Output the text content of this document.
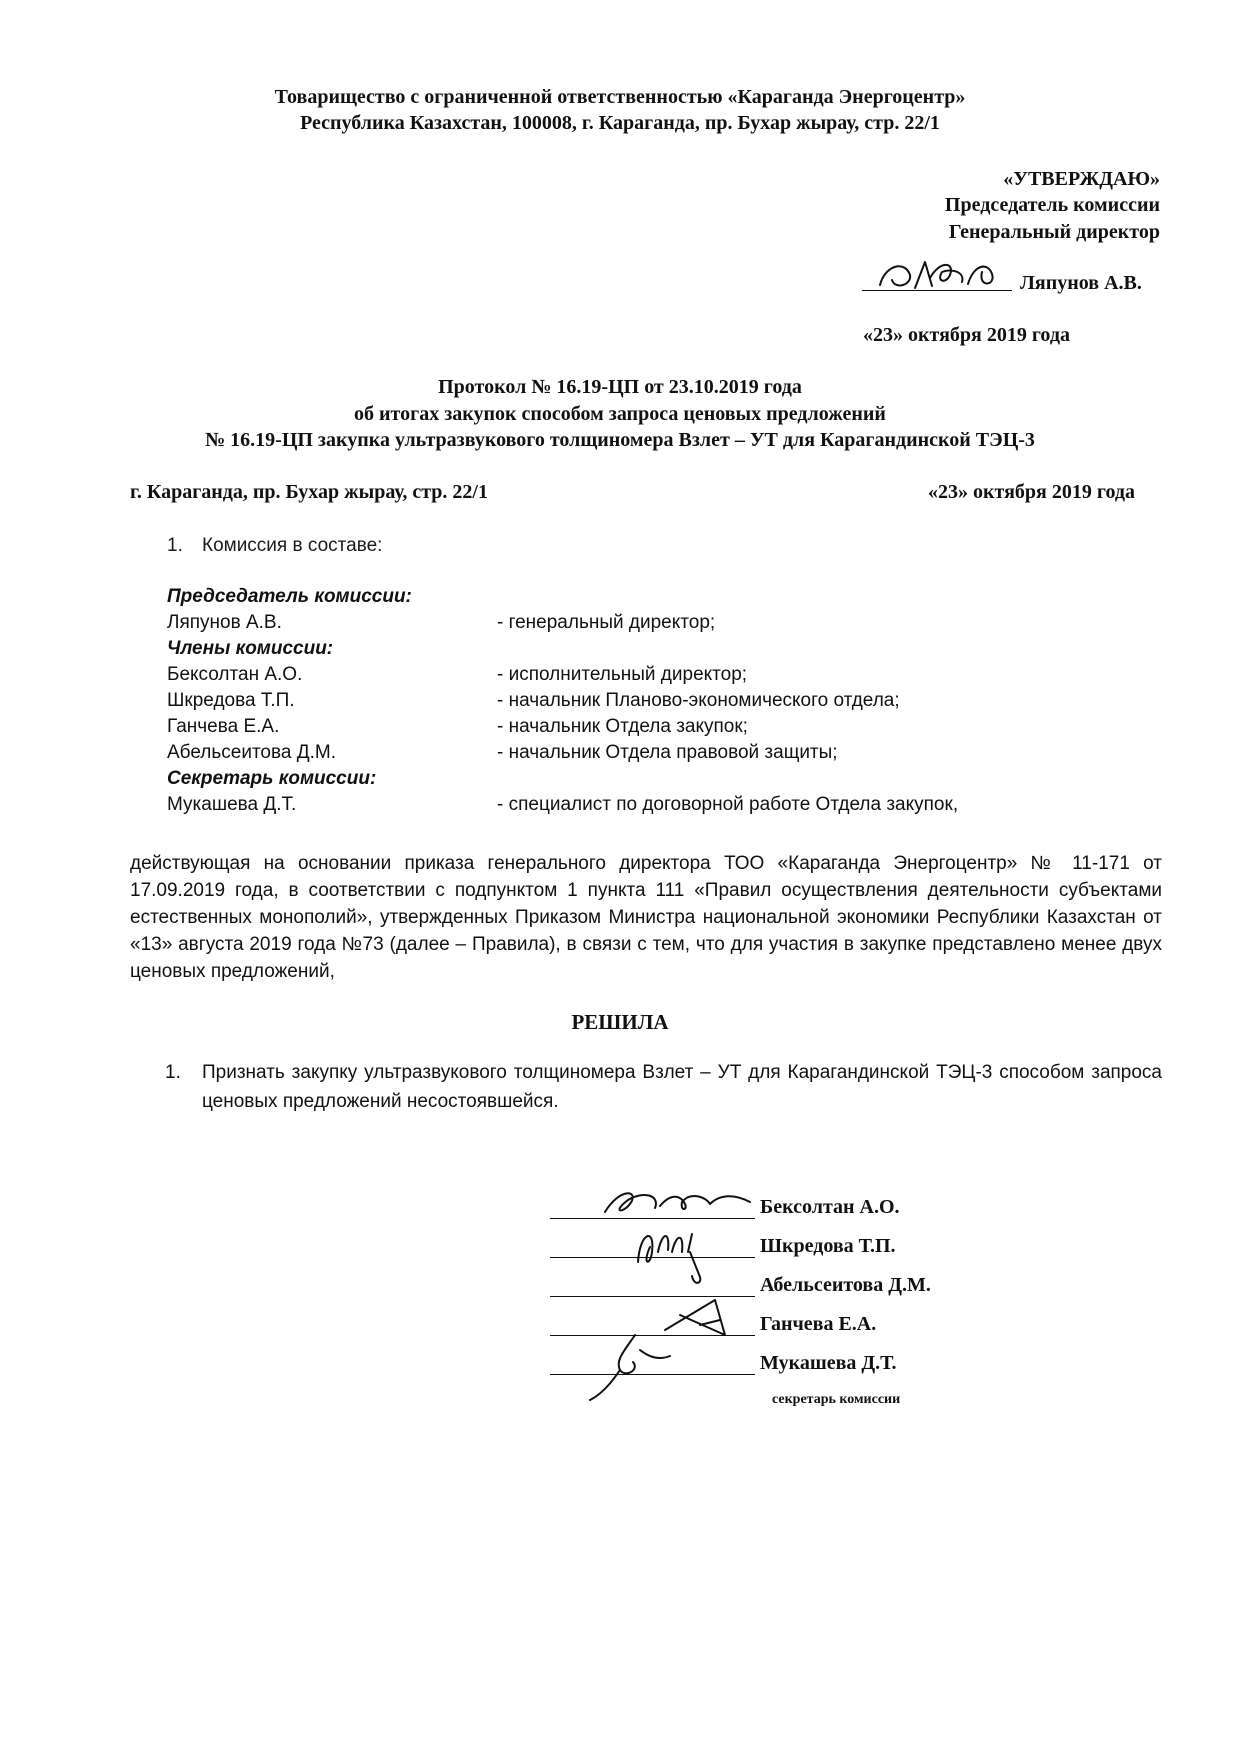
Товарищество с ограниченной ответственностью «Караганда Энергоцентр»
Республика Казахстан, 100008, г. Караганда, пр. Бухар жырау, стр. 22/1
«УТВЕРЖДАЮ»
Председатель комиссии
Генеральный директор
Ляпунов А.В.
«23» октября 2019 года
Протокол № 16.19-ЦП от 23.10.2019 года
об итогах закупок способом запроса ценовых предложений
№ 16.19-ЦП закупка ультразвукового толщиномера Взлет – УТ для Карагандинской ТЭЦ-3
г. Караганда, пр. Бухар жырау, стр. 22/1	«23» октября 2019 года
1. Комиссия в составе:
Председатель комиссии:
Ляпунов А.В.	- генеральный директор;
Члены комиссии:
Бексолтан А.О.	- исполнительный директор;
Шкредова Т.П.	- начальник Планово-экономического отдела;
Ганчева Е.А.	- начальник Отдела закупок;
Абельсеитова Д.М.	- начальник Отдела правовой защиты;
Секретарь комиссии:
Мукашева Д.Т.	- специалист по договорной работе Отдела закупок,
действующая на основании приказа генерального директора ТОО «Караганда Энергоцентр» № 11-171 от 17.09.2019 года, в соответствии с подпунктом 1 пункта 111 «Правил осуществления деятельности субъектами естественных монополий», утвержденных Приказом Министра национальной экономики Республики Казахстан от «13» августа 2019 года №73 (далее – Правила), в связи с тем, что для участия в закупке представлено менее двух ценовых предложений,
РЕШИЛА
1. Признать закупку ультразвукового толщиномера Взлет – УТ для Карагандинской ТЭЦ-3 способом запроса ценовых предложений несостоявшейся.
Бексолтан А.О.
Шкредова Т.П.
Абельсеитова Д.М.
Ганчева Е.А.
Мукашева Д.Т.
секретарь комиссии
